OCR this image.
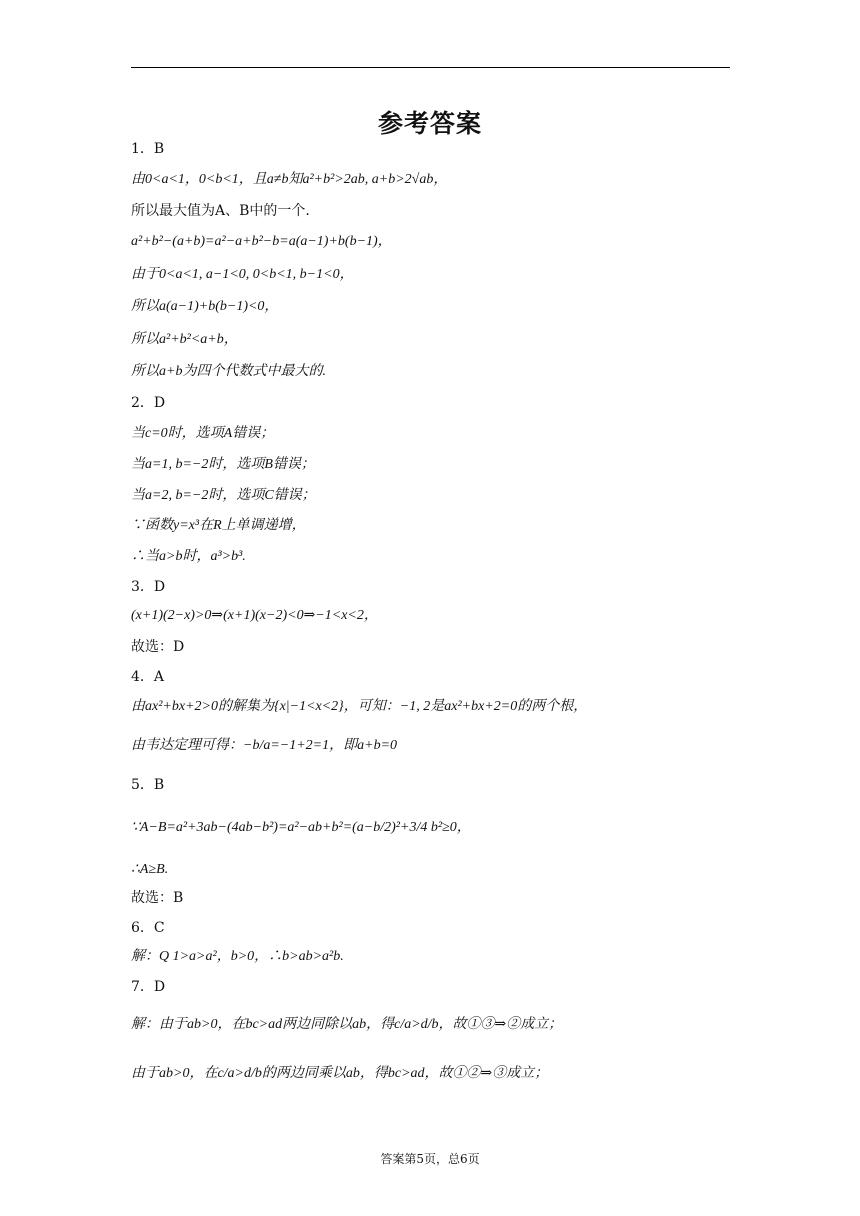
参考答案
1．B
由0<a<1，0<b<1，且a≠b知a²+b²>2ab, a+b>2√ab，
所以最大值为A、B中的一个.
a²+b²−(a+b)=a²−a+b²−b=a(a−1)+b(b−1)，
由于0<a<1, a−1<0, 0<b<1, b−1<0，
所以a(a−1)+b(b−1)<0，
所以a²+b²<a+b，
所以a+b为四个代数式中最大的.
2．D
当c=0时，选项A错误；
当a=1, b=−2时，选项B错误；
当a=2, b=−2时，选项C错误；
∵函数y=x³在R上单调递增，
∴当a>b时，a³>b³.
3．D
(x+1)(2−x)>0⇒(x+1)(x−2)<0⇒−1<x<2，
故选：D
4．A
由ax²+bx+2>0的解集为{x|−1<x<2}，可知：−1, 2是ax²+bx+2=0的两个根，
由韦达定理可得：−b/a=−1+2=1，即a+b=0
5．B
∵A−B=a²+3ab−(4ab−b²)=a²−ab+b²=(a−b/2)²+3/4 b²≥0，
∴A≥B.
故选：B
6．C
解：Q 1>a>a²，b>0，∴b>ab>a²b.
7．D
解：由于ab>0，在bc>ad两边同除以ab，得c/a>d/b，故①③⇒②成立；
由于ab>0，在c/a>d/b的两边同乘以ab，得bc>ad，故①②⇒③成立；
答案第5页，总6页
